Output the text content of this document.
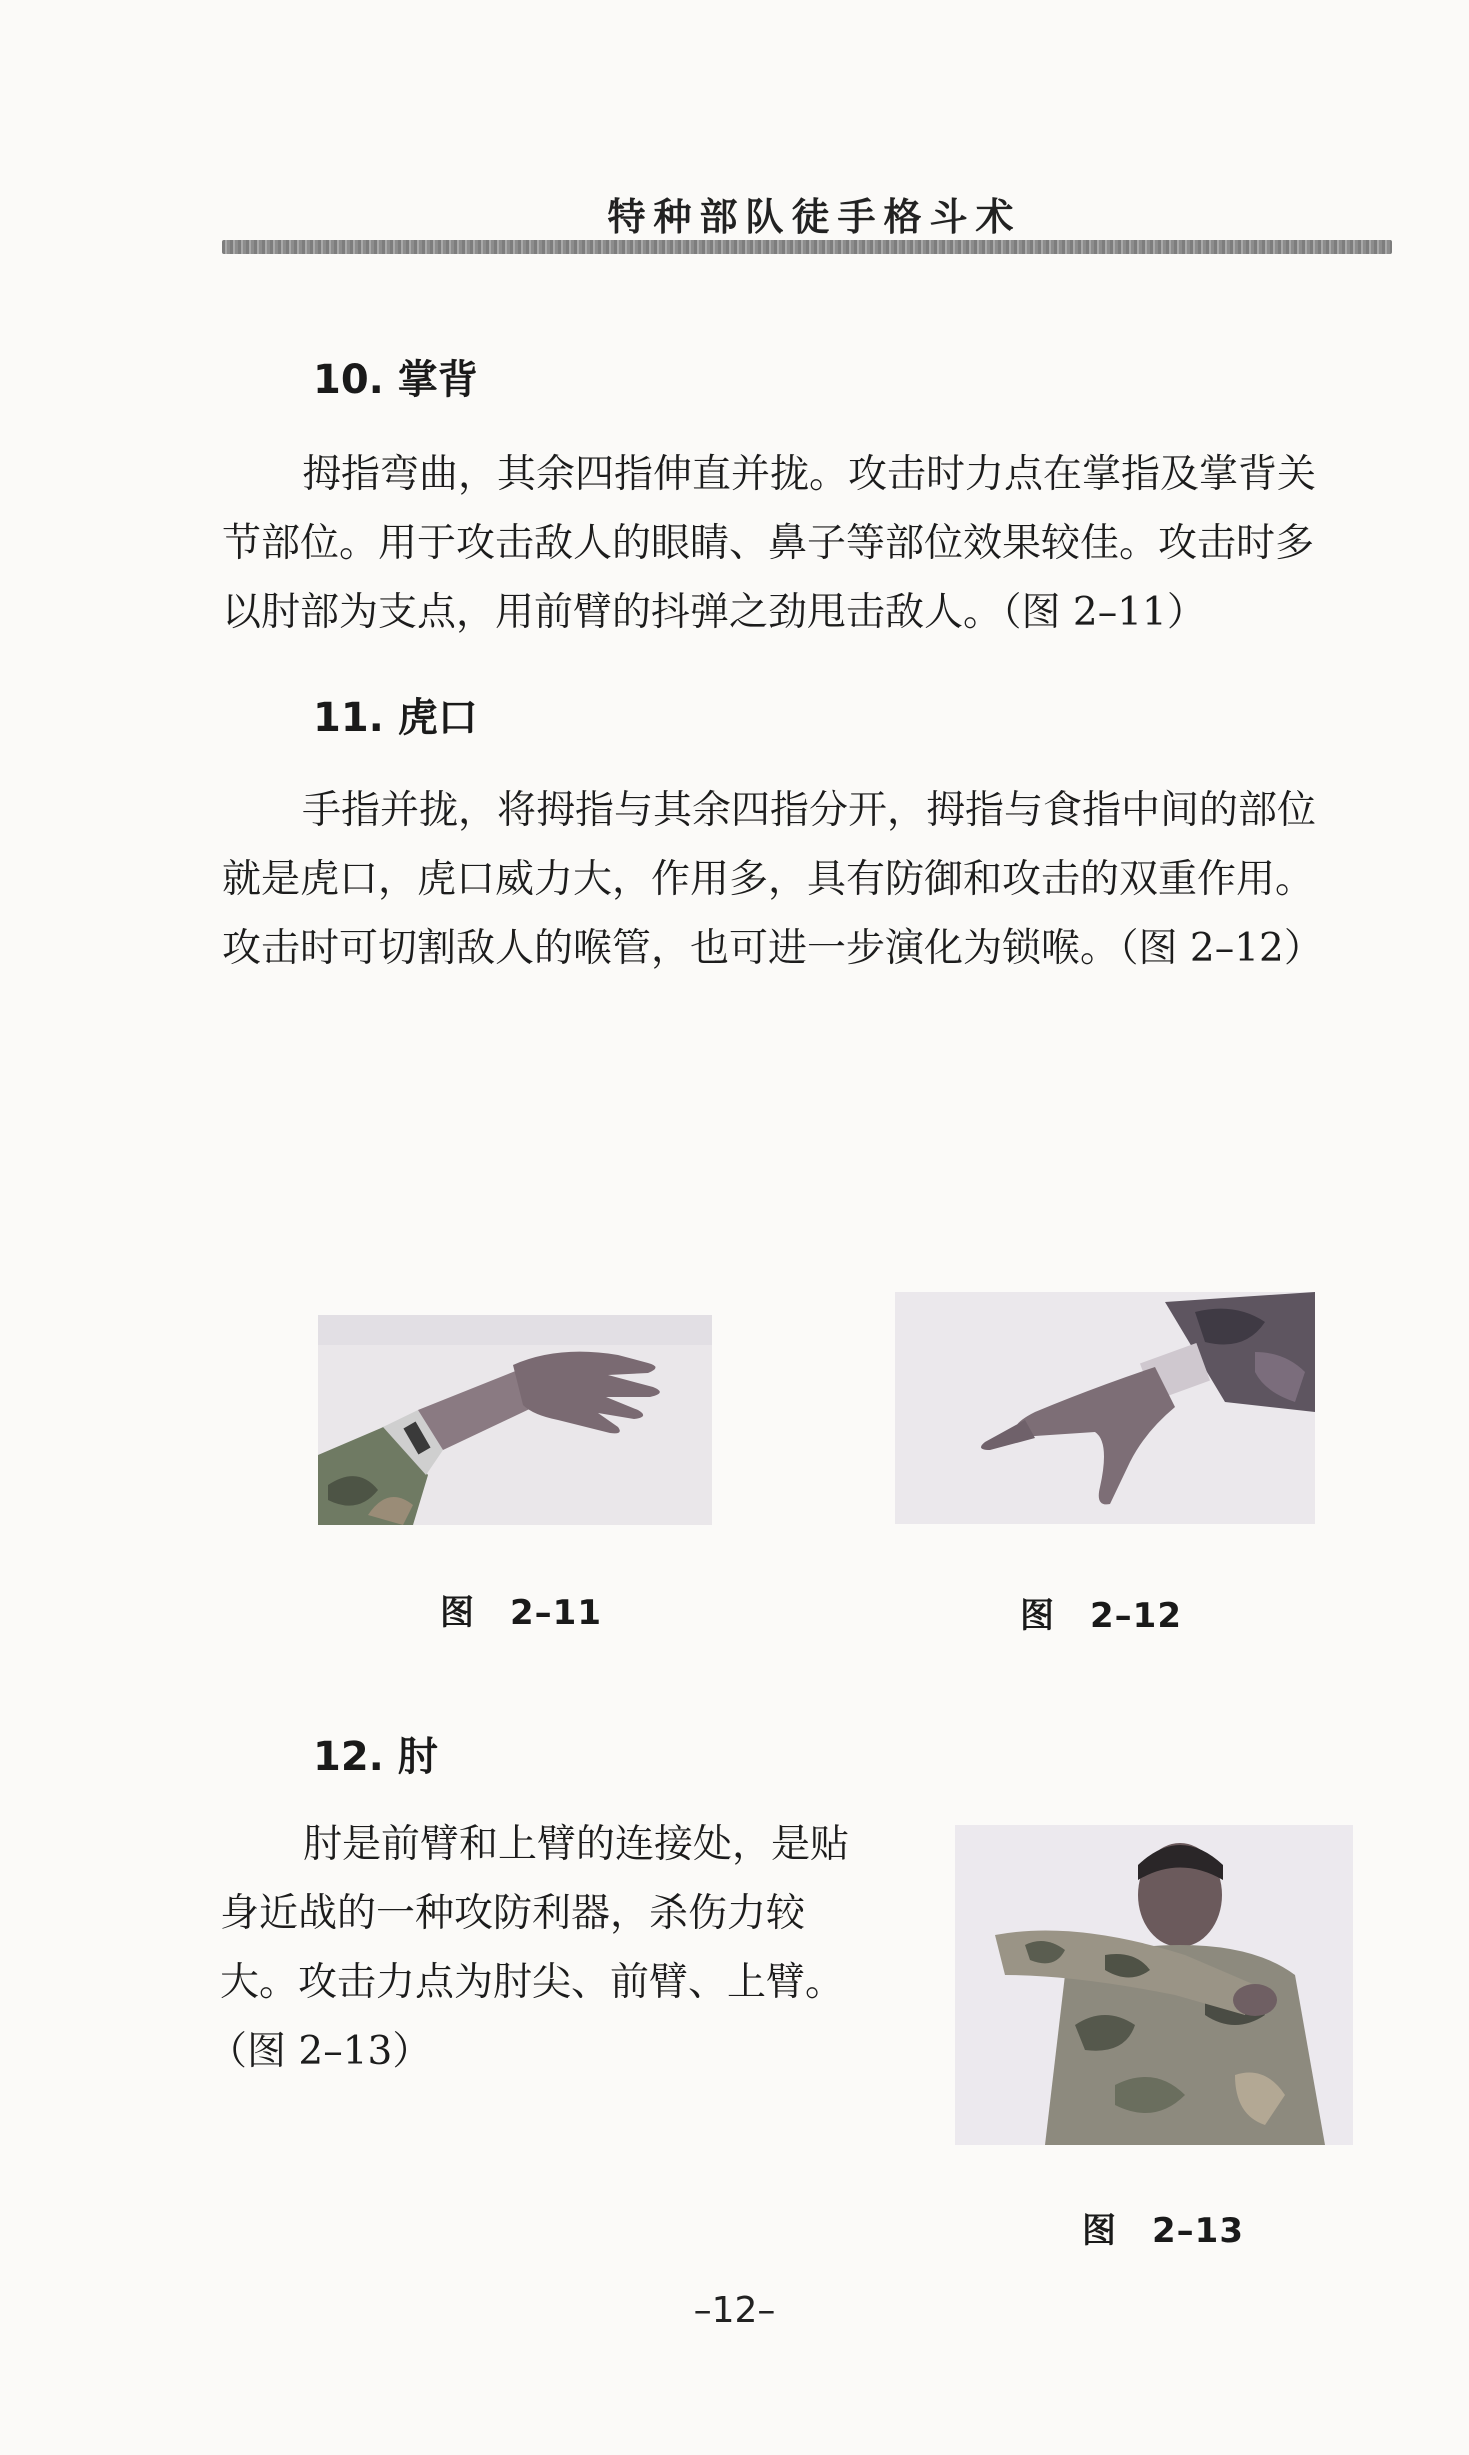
特种部队徒手格斗术
10. 掌背
拇指弯曲，其余四指伸直并拢。攻击时力点在掌指及掌背关
节部位。用于攻击敌人的眼睛、鼻子等部位效果较佳。攻击时多
以肘部为支点，用前臂的抖弹之劲甩击敌人。（图 2–11）
11. 虎口
手指并拢，将拇指与其余四指分开，拇指与食指中间的部位
就是虎口，虎口威力大，作用多，具有防御和攻击的双重作用。
攻击时可切割敌人的喉管，也可进一步演化为锁喉。（图 2–12）
图　2–11	图　2–12
12. 肘
肘是前臂和上臂的连接处，是贴
身近战的一种攻防利器，杀伤力较
大。攻击力点为肘尖、前臂、上臂。
（图 2–13）
图　2–13
–12–
